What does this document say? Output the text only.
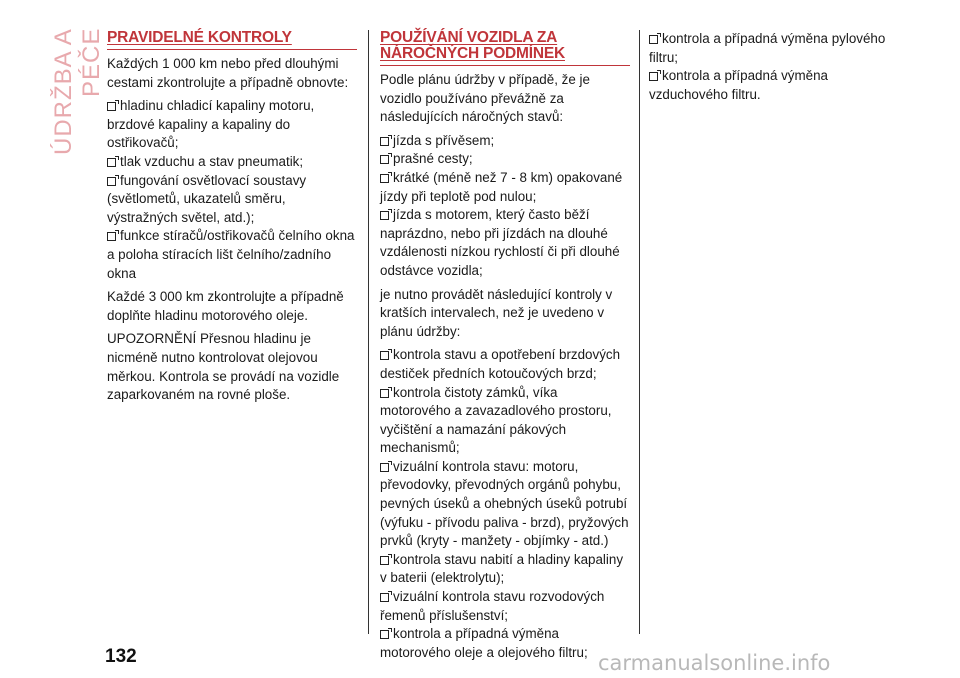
ÚDRŽBA A PÉČE PRAVIDELNÉ KONTROLY

Každých 1 000 km nebo před dlouhými cestami zkontrolujte a případně obnovte:

hladinu chladicí kapaliny motoru, brzdové kapaliny a kapaliny do ostřikovačů;
tlak vzduchu a stav pneumatik;
fungování osvětlovací soustavy (světlometů, ukazatelů směru, výstražných světel, atd.);
funkce stíračů/ostřikovačů čelního okna a poloha stíracích lišt čelního/zadního okna

Každé 3 000 km zkontrolujte a případně doplňte hladinu motorového oleje.

UPOZORNĚNÍ Přesnou hladinu je nicméně nutno kontrolovat olejovou měrkou. Kontrola se provádí na vozidle zaparkovaném na rovné ploše.

POUŽÍVÁNÍ VOZIDLA ZA NÁROČNÝCH PODMÍNEK

Podle plánu údržby v případě, že je vozidlo používáno převážně za následujících náročných stavů:

jízda s přívěsem;
prašné cesty;
krátké (méně než 7 - 8 km) opakované jízdy při teplotě pod nulou;
jízda s motorem, který často běží naprázdno, nebo při jízdách na dlouhé vzdálenosti nízkou rychlostí či při dlouhé odstávce vozidla;

je nutno provádět následující kontroly v kratších intervalech, než je uvedeno v plánu údržby:

kontrola stavu a opotřebení brzdových destiček předních kotoučových brzd;
kontrola čistoty zámků, víka motorového a zavazadlového prostoru, vyčištění a namazání pákových mechanismů;
vizuální kontrola stavu: motoru, převodovky, převodných orgánů pohybu, pevných úseků a ohebných úseků potrubí (výfuku - přívodu paliva - brzd), pryžových prvků (kryty - manžety - objímky - atd.)
kontrola stavu nabití a hladiny kapaliny v baterii (elektrolytu);
vizuální kontrola stavu rozvodových řemenů příslušenství;
kontrola a případná výměna motorového oleje a olejového filtru;
kontrola a případná výměna pylového filtru;
kontrola a případná výměna vzduchového filtru.
132	carmanualsonline.info
